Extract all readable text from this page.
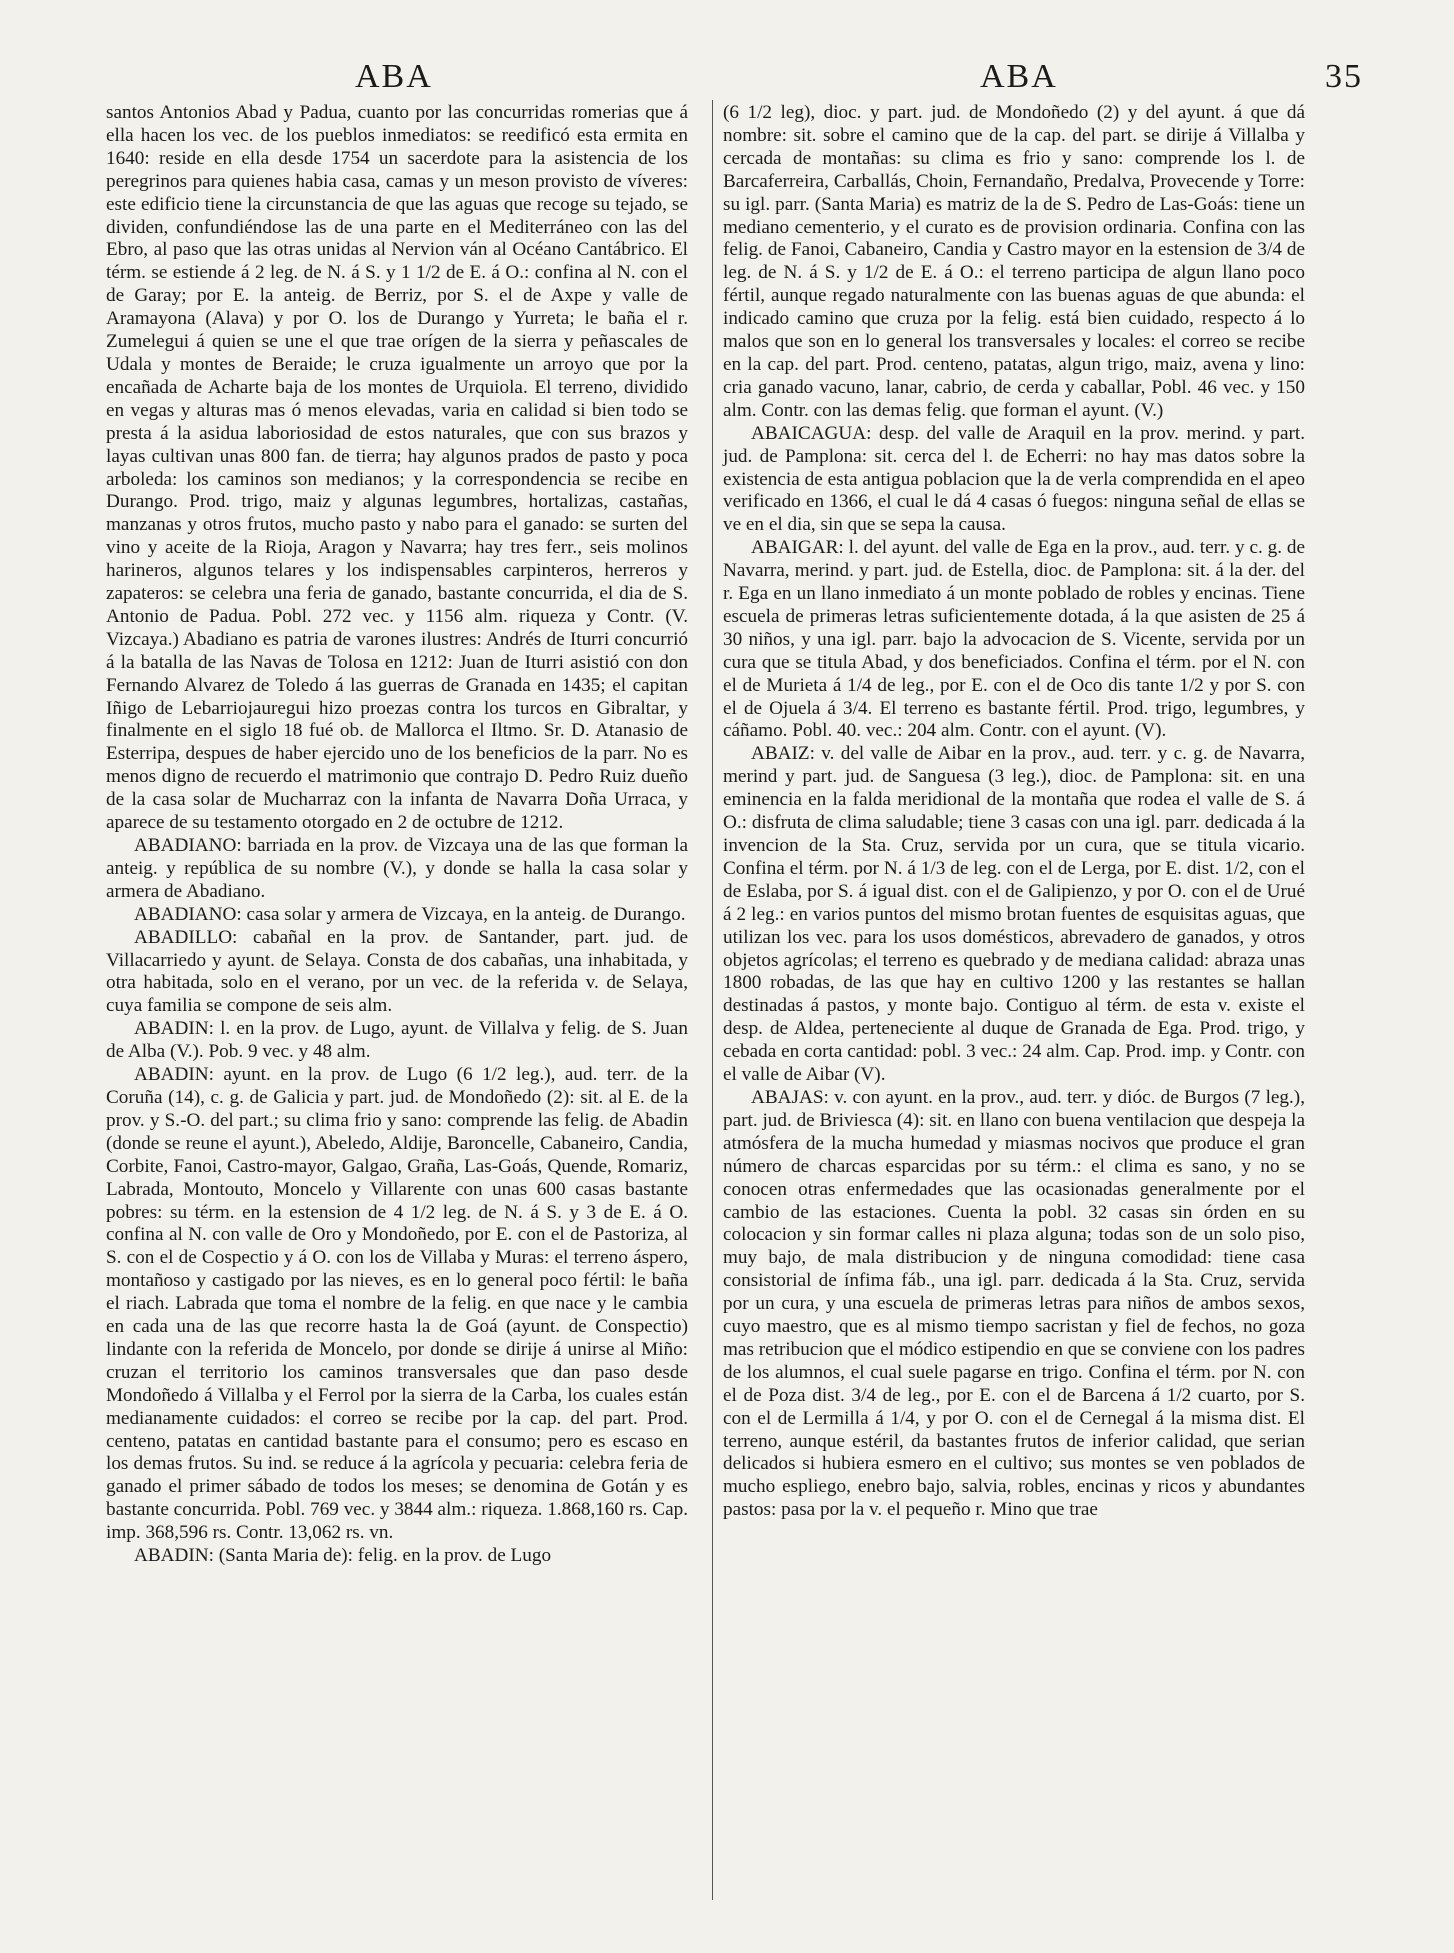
ABA	ABA	35

santos Antonios Abad y Padua, cuanto por las concurridas romerias que á ella hacen los vec. de los pueblos inmediatos: se reedificó esta ermita en 1640: reside en ella desde 1754 un sacerdote para la asistencia de los peregrinos para quienes habia casa, camas y un meson provisto de víveres: este edificio tiene la circunstancia de que las aguas que recoge su tejado, se dividen, confundiéndose las de una parte en el Mediterráneo con las del Ebro, al paso que las otras unidas al Nervion ván al Océano Cantábrico. El térm. se estiende á 2 leg. de N. á S. y 1 1/2 de E. á O.: confina al N. con el de Garay; por E. la anteig. de Berriz, por S. el de Axpe y valle de Aramayona (Alava) y por O. los de Durango y Yurreta; le baña el r. Zumelegui á quien se une el que trae orígen de la sierra y peñascales de Udala y montes de Beraide; le cruza igualmente un arroyo que por la encañada de Acharte baja de los montes de Urquiola. El terreno, dividido en vegas y alturas mas ó menos elevadas, varia en calidad si bien todo se presta á la asidua laboriosidad de estos naturales, que con sus brazos y layas cultivan unas 800 fan. de tierra; hay algunos prados de pasto y poca arboleda: los caminos son medianos; y la correspondencia se recibe en Durango. Prod. trigo, maiz y algunas legumbres, hortalizas, castañas, manzanas y otros frutos, mucho pasto y nabo para el ganado: se surten del vino y aceite de la Rioja, Aragon y Navarra; hay tres ferr., seis molinos harineros, algunos telares y los indispensables carpinteros, herreros y zapateros: se celebra una feria de ganado, bastante concurrida, el dia de S. Antonio de Padua. Pobl. 272 vec. y 1156 alm. riqueza y Contr. (V. Vizcaya.) Abadiano es patria de varones ilustres: Andrés de Iturri concurrió á la batalla de las Navas de Tolosa en 1212: Juan de Iturri asistió con don Fernando Alvarez de Toledo á las guerras de Granada en 1435; el capitan Iñigo de Lebarriojauregui hizo proezas contra los turcos en Gibraltar, y finalmente en el siglo 18 fué ob. de Mallorca el Iltmo. Sr. D. Atanasio de Esterripa, despues de haber ejercido uno de los beneficios de la parr. No es menos digno de recuerdo el matrimonio que contrajo D. Pedro Ruiz dueño de la casa solar de Mucharraz con la infanta de Navarra Doña Urraca, y aparece de su testamento otorgado en 2 de octubre de 1212.

ABADIANO: barriada en la prov. de Vizcaya una de las que forman la anteig. y república de su nombre (V.), y donde se halla la casa solar y armera de Abadiano.

ABADIANO: casa solar y armera de Vizcaya, en la anteig. de Durango.

ABADILLO: cabañal en la prov. de Santander, part. jud. de Villacarriedo y ayunt. de Selaya. Consta de dos cabañas, una inhabitada, y otra habitada, solo en el verano, por un vec. de la referida v. de Selaya, cuya familia se compone de seis alm.

ABADIN: l. en la prov. de Lugo, ayunt. de Villalva y felig. de S. Juan de Alba (V.). Pob. 9 vec. y 48 alm.

ABADIN: ayunt. en la prov. de Lugo (6 1/2 leg.), aud. terr. de la Coruña (14), c. g. de Galicia y part. jud. de Mondoñedo (2): sit. al E. de la prov. y S.-O. del part.; su clima frio y sano: comprende las felig. de Abadin (donde se reune el ayunt.), Abeledo, Aldije, Baroncelle, Cabaneiro, Candia, Corbite, Fanoi, Castro-mayor, Galgao, Graña, Las-Goás, Quende, Romariz, Labrada, Montouto, Moncelo y Villarente con unas 600 casas bastante pobres: su térm. en la estension de 4 1/2 leg. de N. á S. y 3 de E. á O. confina al N. con valle de Oro y Mondoñedo, por E. con el de Pastoriza, al S. con el de Cospectio y á O. con los de Villaba y Muras: el terreno áspero, montañoso y castigado por las nieves, es en lo general poco fértil: le baña el riach. Labrada que toma el nombre de la felig. en que nace y le cambia en cada una de las que recorre hasta la de Goá (ayunt. de Conspectio) lindante con la referida de Moncelo, por donde se dirije á unirse al Miño: cruzan el territorio los caminos transversales que dan paso desde Mondoñedo á Villalba y el Ferrol por la sierra de la Carba, los cuales están medianamente cuidados: el correo se recibe por la cap. del part. Prod. centeno, patatas en cantidad bastante para el consumo; pero es escaso en los demas frutos. Su ind. se reduce á la agrícola y pecuaria: celebra feria de ganado el primer sábado de todos los meses; se denomina de Gotán y es bastante concurrida. Pobl. 769 vec. y 3844 alm.: riqueza. 1.868,160 rs. Cap. imp. 368,596 rs. Contr. 13,062 rs. vn.

ABADIN: (Santa Maria de): felig. en la prov. de Lugo

(6 1/2 leg), dioc. y part. jud. de Mondoñedo (2) y del ayunt. á que dá nombre: sit. sobre el camino que de la cap. del part. se dirije á Villalba y cercada de montañas: su clima es frio y sano: comprende los l. de Barcaferreira, Carballás, Choin, Fernandaño, Predalva, Provecende y Torre: su igl. parr. (Santa Maria) es matriz de la de S. Pedro de Las-Goás: tiene un mediano cementerio, y el curato es de provision ordinaria. Confina con las felig. de Fanoi, Cabaneiro, Candia y Castro mayor en la estension de 3/4 de leg. de N. á S. y 1/2 de E. á O.: el terreno participa de algun llano poco fértil, aunque regado naturalmente con las buenas aguas de que abunda: el indicado camino que cruza por la felig. está bien cuidado, respecto á lo malos que son en lo general los transversales y locales: el correo se recibe en la cap. del part. Prod. centeno, patatas, algun trigo, maiz, avena y lino: cria ganado vacuno, lanar, cabrio, de cerda y caballar, Pobl. 46 vec. y 150 alm. Contr. con las demas felig. que forman el ayunt. (V.)

ABAICAGUA: desp. del valle de Araquil en la prov. merind. y part. jud. de Pamplona: sit. cerca del l. de Echerri: no hay mas datos sobre la existencia de esta antigua poblacion que la de verla comprendida en el apeo verificado en 1366, el cual le dá 4 casas ó fuegos: ninguna señal de ellas se ve en el dia, sin que se sepa la causa.

ABAIGAR: l. del ayunt. del valle de Ega en la prov., aud. terr. y c. g. de Navarra, merind. y part. jud. de Estella, dioc. de Pamplona: sit. á la der. del r. Ega en un llano inmediato á un monte poblado de robles y encinas. Tiene escuela de primeras letras suficientemente dotada, á la que asisten de 25 á 30 niños, y una igl. parr. bajo la advocacion de S. Vicente, servida por un cura que se titula Abad, y dos beneficiados. Confina el térm. por el N. con el de Murieta á 1/4 de leg., por E. con el de Oco dis tante 1/2 y por S. con el de Ojuela á 3/4. El terreno es bastante fértil. Prod. trigo, legumbres, y cáñamo. Pobl. 40. vec.: 204 alm. Contr. con el ayunt. (V).

ABAIZ: v. del valle de Aibar en la prov., aud. terr. y c. g. de Navarra, merind y part. jud. de Sanguesa (3 leg.), dioc. de Pamplona: sit. en una eminencia en la falda meridional de la montaña que rodea el valle de S. á O.: disfruta de clima saludable; tiene 3 casas con una igl. parr. dedicada á la invencion de la Sta. Cruz, servida por un cura, que se titula vicario. Confina el térm. por N. á 1/3 de leg. con el de Lerga, por E. dist. 1/2, con el de Eslaba, por S. á igual dist. con el de Galipienzo, y por O. con el de Urué á 2 leg.: en varios puntos del mismo brotan fuentes de esquisitas aguas, que utilizan los vec. para los usos domésticos, abrevadero de ganados, y otros objetos agrícolas; el terreno es quebrado y de mediana calidad: abraza unas 1800 robadas, de las que hay en cultivo 1200 y las restantes se hallan destinadas á pastos, y monte bajo. Contiguo al térm. de esta v. existe el desp. de Aldea, perteneciente al duque de Granada de Ega. Prod. trigo, y cebada en corta cantidad: pobl. 3 vec.: 24 alm. Cap. Prod. imp. y Contr. con el valle de Aibar (V).

ABAJAS: v. con ayunt. en la prov., aud. terr. y dióc. de Burgos (7 leg.), part. jud. de Briviesca (4): sit. en llano con buena ventilacion que despeja la atmósfera de la mucha humedad y miasmas nocivos que produce el gran número de charcas esparcidas por su térm.: el clima es sano, y no se conocen otras enfermedades que las ocasionadas generalmente por el cambio de las estaciones. Cuenta la pobl. 32 casas sin órden en su colocacion y sin formar calles ni plaza alguna; todas son de un solo piso, muy bajo, de mala distribucion y de ninguna comodidad: tiene casa consistorial de ínfima fáb., una igl. parr. dedicada á la Sta. Cruz, servida por un cura, y una escuela de primeras letras para niños de ambos sexos, cuyo maestro, que es al mismo tiempo sacristan y fiel de fechos, no goza mas retribucion que el módico estipendio en que se conviene con los padres de los alumnos, el cual suele pagarse en trigo. Confina el térm. por N. con el de Poza dist. 3/4 de leg., por E. con el de Barcena á 1/2 cuarto, por S. con el de Lermilla á 1/4, y por O. con el de Cernegal á la misma dist. El terreno, aunque estéril, da bastantes frutos de inferior calidad, que serian delicados si hubiera esmero en el cultivo; sus montes se ven poblados de mucho espliego, enebro bajo, salvia, robles, encinas y ricos y abundantes pastos: pasa por la v. el pequeño r. Mino que trae
